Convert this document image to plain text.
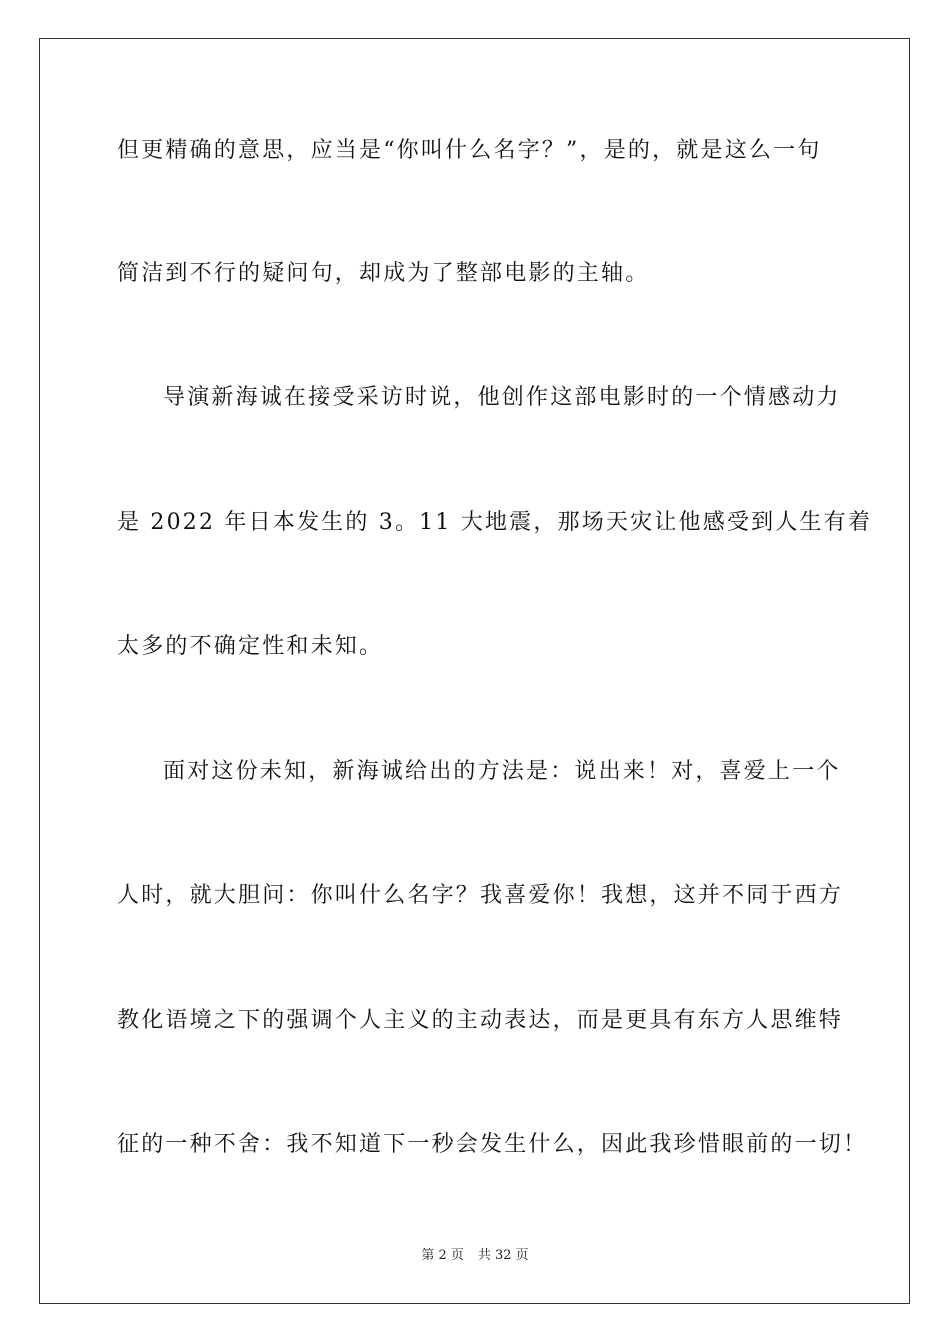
但更精确的意思，应当是“你叫什么名字？”，是的，就是这么一句
简洁到不行的疑问句，却成为了整部电影的主轴。
导演新海诚在接受采访时说，他创作这部电影时的一个情感动力
是 2022 年日本发生的 3。11 大地震，那场天灾让他感受到人生有着
太多的不确定性和未知。
面对这份未知，新海诚给出的方法是：说出来！对，喜爱上一个
人时，就大胆问：你叫什么名字？我喜爱你！我想，这并不同于西方
教化语境之下的强调个人主义的主动表达，而是更具有东方人思维特
征的一种不舍：我不知道下一秒会发生什么，因此我珍惜眼前的一切！
第 2 页 共 32 页
